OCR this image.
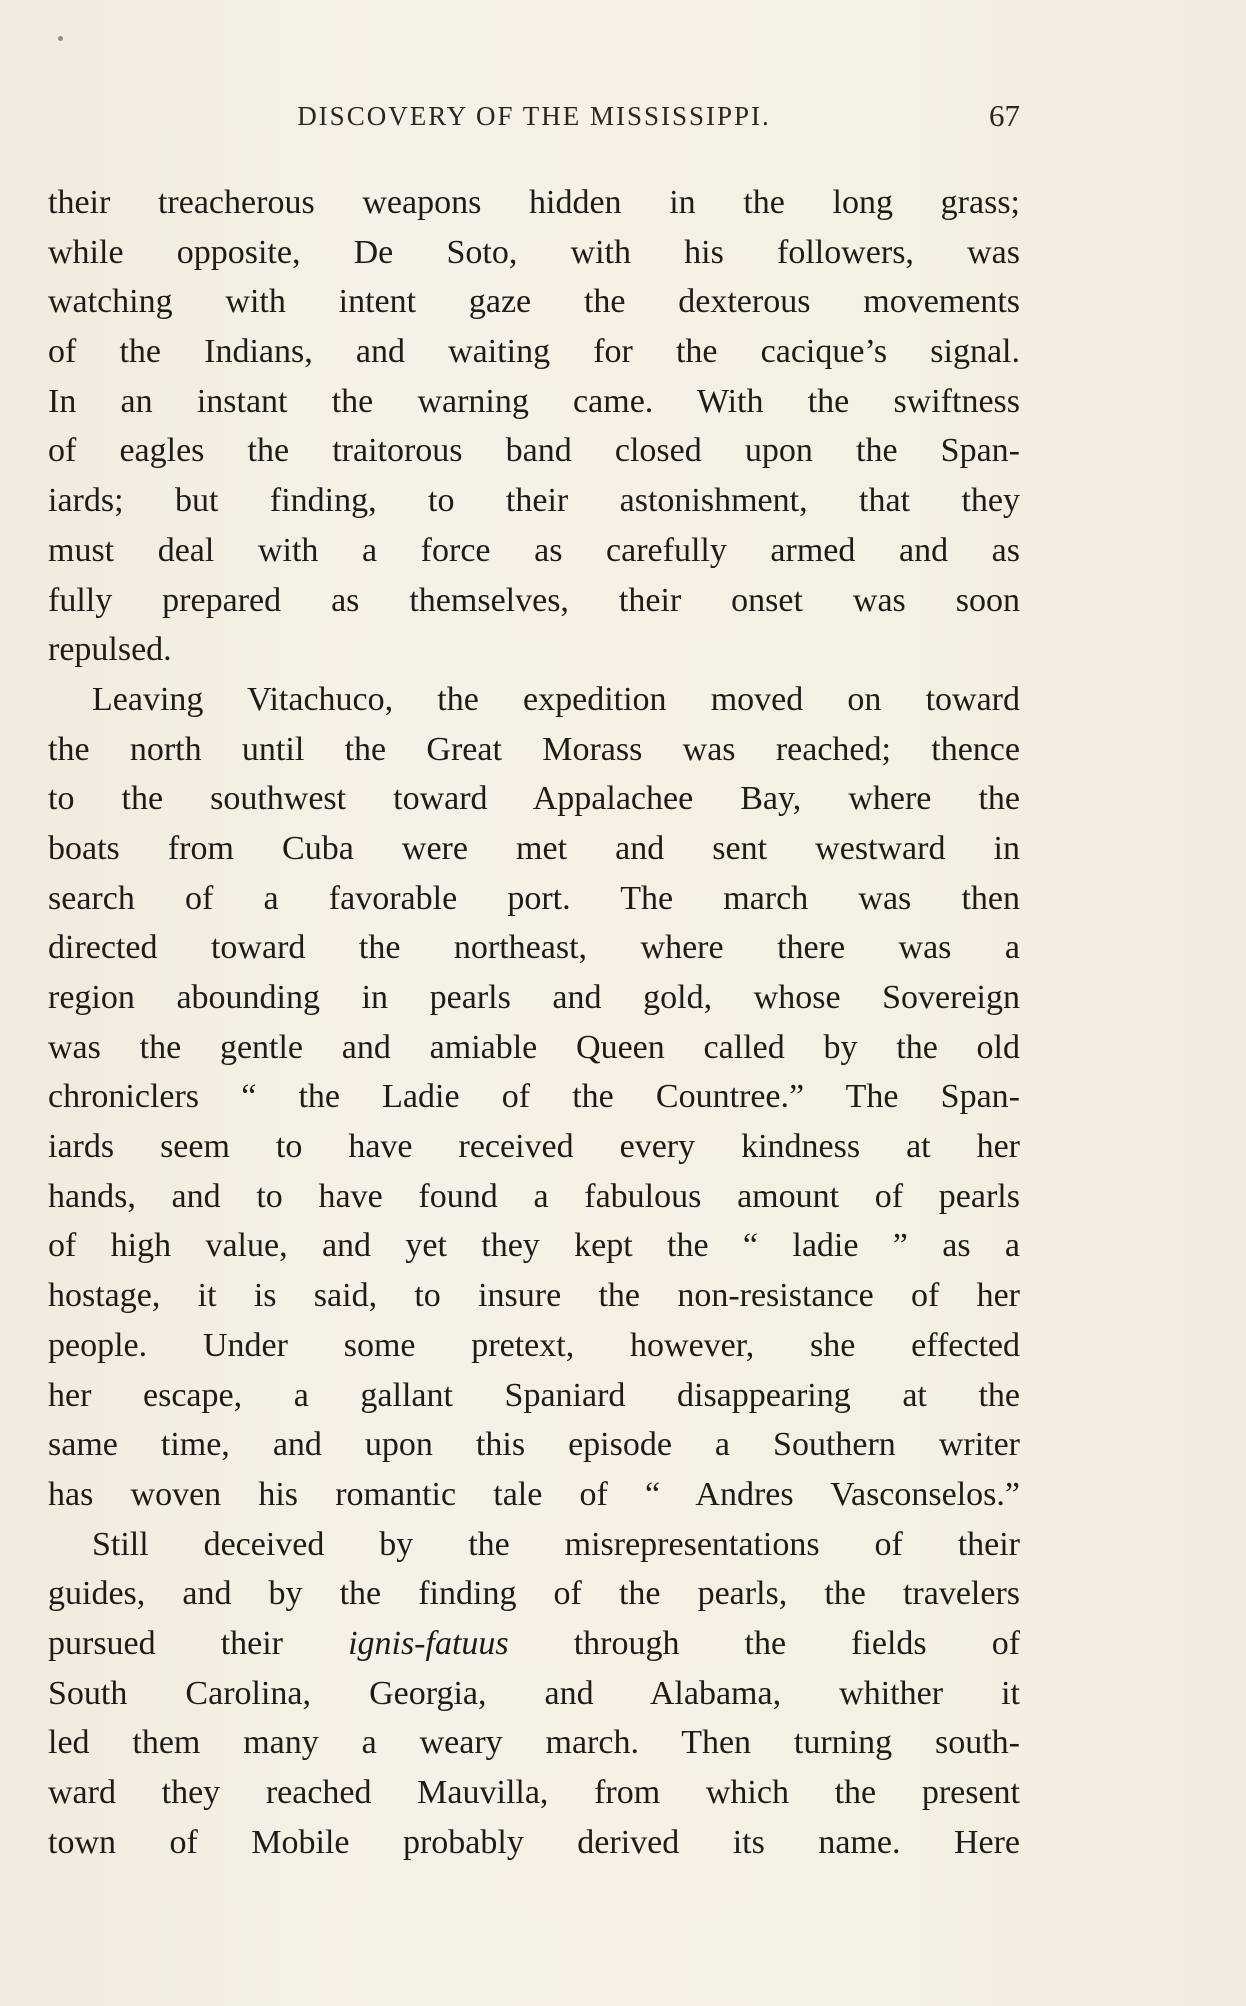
DISCOVERY OF THE MISSISSIPPI.	67
their treacherous weapons hidden in the long grass;
while opposite, De Soto, with his followers, was
watching with intent gaze the dexterous movements
of the Indians, and waiting for the cacique’s signal.
In an instant the warning came. With the swiftness
of eagles the traitorous band closed upon the Span-
iards; but finding, to their astonishment, that they
must deal with a force as carefully armed and as
fully prepared as themselves, their onset was soon
repulsed.
Leaving Vitachuco, the expedition moved on toward
the north until the Great Morass was reached; thence
to the southwest toward Appalachee Bay, where the
boats from Cuba were met and sent westward in
search of a favorable port. The march was then
directed toward the northeast, where there was a
region abounding in pearls and gold, whose Sovereign
was the gentle and amiable Queen called by the old
chroniclers “ the Ladie of the Countree.” The Span-
iards seem to have received every kindness at her
hands, and to have found a fabulous amount of pearls
of high value, and yet they kept the “ ladie ” as a
hostage, it is said, to insure the non-resistance of her
people. Under some pretext, however, she effected
her escape, a gallant Spaniard disappearing at the
same time, and upon this episode a Southern writer
has woven his romantic tale of “ Andres Vasconselos.”
Still deceived by the misrepresentations of their
guides, and by the finding of the pearls, the travelers
pursued their ignis-fatuus through the fields of
South Carolina, Georgia, and Alabama, whither it
led them many a weary march. Then turning south-
ward they reached Mauvilla, from which the present
town of Mobile probably derived its name. Here
